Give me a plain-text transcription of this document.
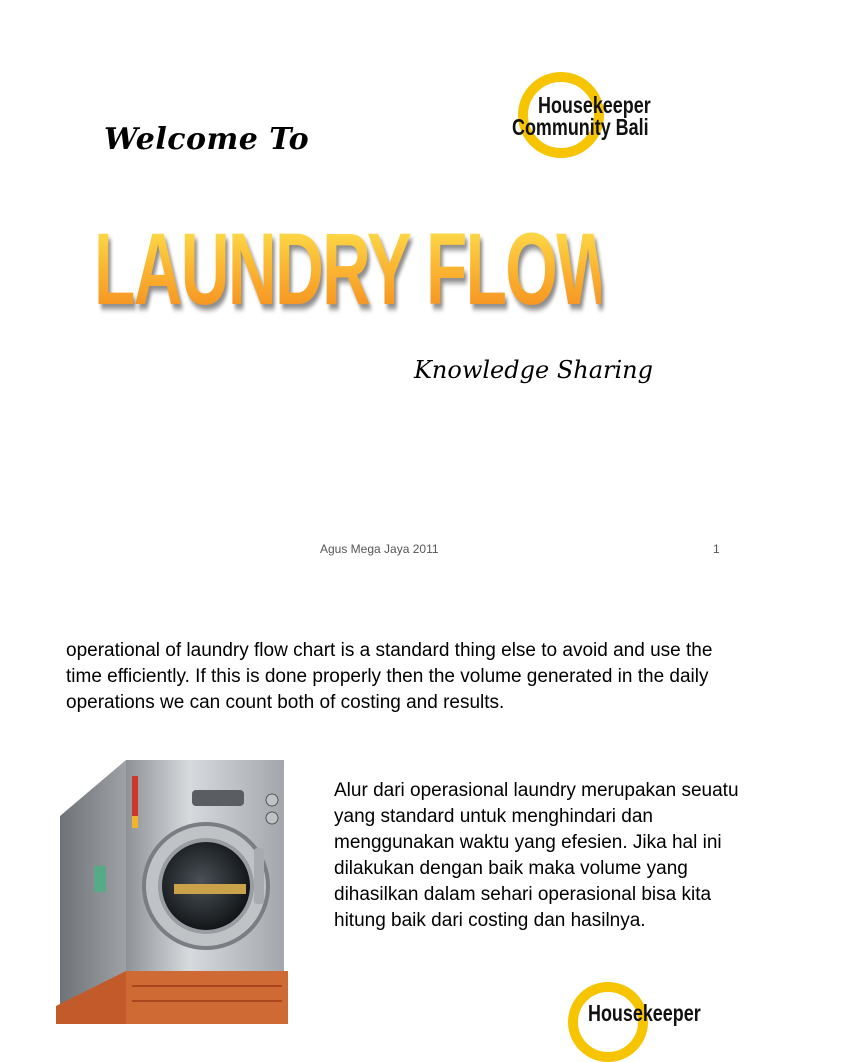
Welcome To
Housekeeper
Community Bali
LAUNDRY FLOW CHART
Knowledge Sharing
Agus Mega Jaya 2011	1
operational of laundry flow chart is a standard thing else to avoid and use the time efficiently. If this is done properly then the volume generated in the daily operations we can count both of costing and results.
Alur dari operasional laundry merupakan seuatu yang standard untuk menghindari dan menggunakan waktu yang efesien. Jika hal ini dilakukan dengan baik maka volume yang dihasilkan dalam sehari operasional bisa kita hitung baik dari costing dan hasilnya.
Housekeeper
